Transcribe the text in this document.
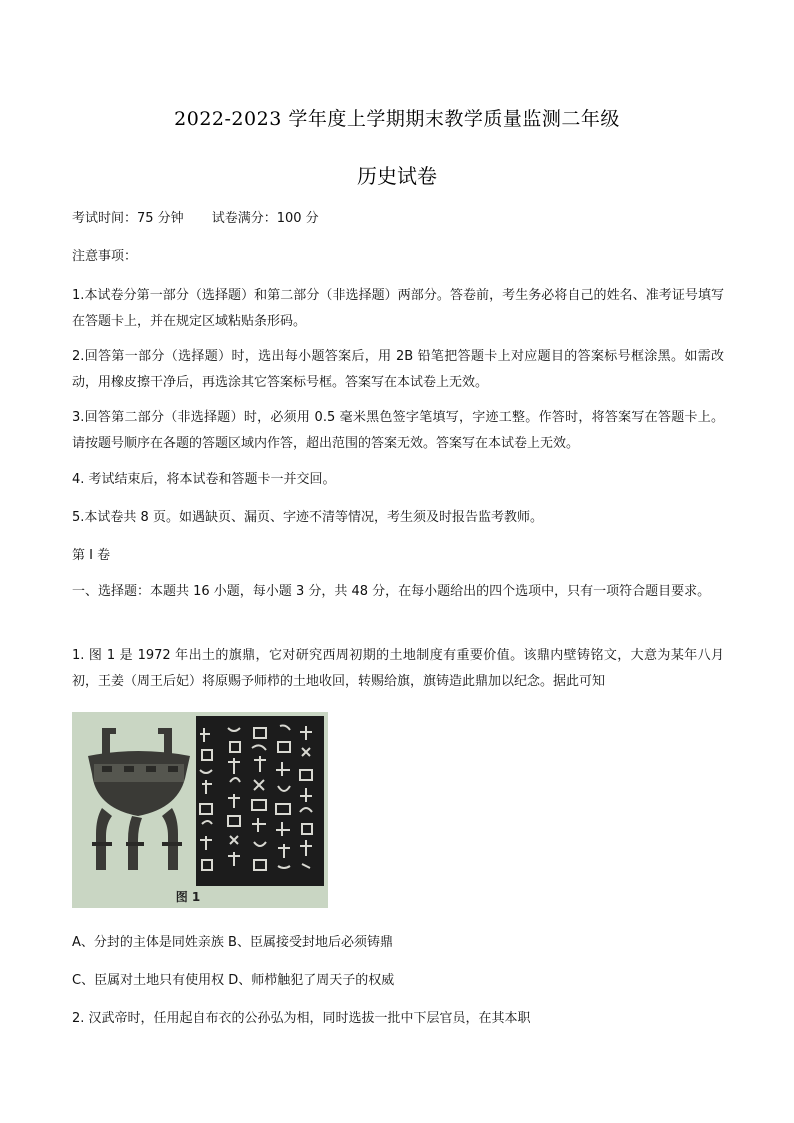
2022-2023 学年度上学期期末教学质量监测二年级
历史试卷
考试时间：75 分钟 试卷满分：100 分
注意事项：
1.本试卷分第一部分（选择题）和第二部分（非选择题）两部分。答卷前，考生务必将自己的姓名、准考证号填写在答题卡上，并在规定区域粘贴条形码。
2.回答第一部分（选择题）时，选出每小题答案后，用 2B 铅笔把答题卡上对应题目的答案标号框涂黑。如需改动，用橡皮擦干净后，再选涂其它答案标号框。答案写在本试卷上无效。
3.回答第二部分（非选择题）时，必须用 0.5 毫米黑色签字笔填写，字迹工整。作答时，将答案写在答题卡上。请按题号顺序在各题的答题区域内作答，超出范围的答案无效。答案写在本试卷上无效。
4. 考试结束后，将本试卷和答题卡一并交回。
5.本试卷共 8 页。如遇缺页、漏页、字迹不清等情况，考生须及时报告监考教师。
第 I 卷
一、选择题：本题共 16 小题，每小题 3 分，共 48 分，在每小题给出的四个选项中，只有一项符合题目要求。
1. 图 1 是 1972 年出土的旗鼎，它对研究西周初期的土地制度有重要价值。该鼎内壁铸铭文，大意为某年八月初，王姜（周王后妃）将原赐予师栉的土地收回，转赐给旗，旗铸造此鼎加以纪念。据此可知
图 1
A、分封的主体是同姓亲族 B、臣属接受封地后必须铸鼎
C、臣属对土地只有使用权 D、师栉触犯了周天子的权威
2. 汉武帝时，任用起自布衣的公孙弘为相，同时选拔一批中下层官员，在其本职
